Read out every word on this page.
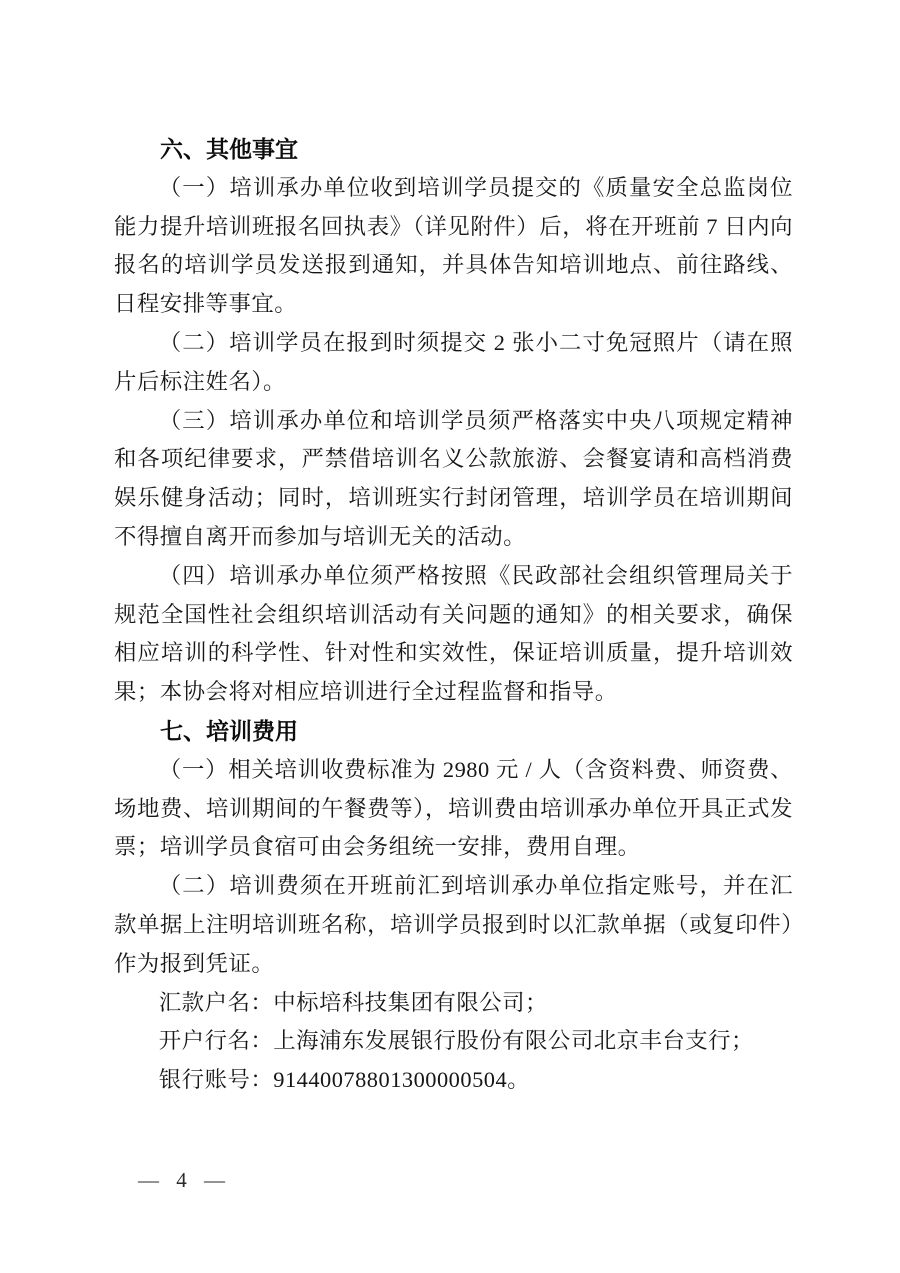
六、其他事宜
（一）培训承办单位收到培训学员提交的《质量安全总监岗位能力提升培训班报名回执表》（详见附件）后，将在开班前 7 日内向报名的培训学员发送报到通知，并具体告知培训地点、前往路线、日程安排等事宜。
（二）培训学员在报到时须提交 2 张小二寸免冠照片（请在照片后标注姓名）。
（三）培训承办单位和培训学员须严格落实中央八项规定精神和各项纪律要求，严禁借培训名义公款旅游、会餐宴请和高档消费娱乐健身活动；同时，培训班实行封闭管理，培训学员在培训期间不得擅自离开而参加与培训无关的活动。
（四）培训承办单位须严格按照《民政部社会组织管理局关于规范全国性社会组织培训活动有关问题的通知》的相关要求，确保相应培训的科学性、针对性和实效性，保证培训质量，提升培训效果；本协会将对相应培训进行全过程监督和指导。
七、培训费用
（一）相关培训收费标准为 2980 元 / 人（含资料费、师资费、场地费、培训期间的午餐费等），培训费由培训承办单位开具正式发票；培训学员食宿可由会务组统一安排，费用自理。
（二）培训费须在开班前汇到培训承办单位指定账号，并在汇款单据上注明培训班名称，培训学员报到时以汇款单据（或复印件）作为报到凭证。
汇款户名：中标培科技集团有限公司；
开户行名：上海浦东发展银行股份有限公司北京丰台支行；
银行账号：91440078801300000504。
— 4 —
